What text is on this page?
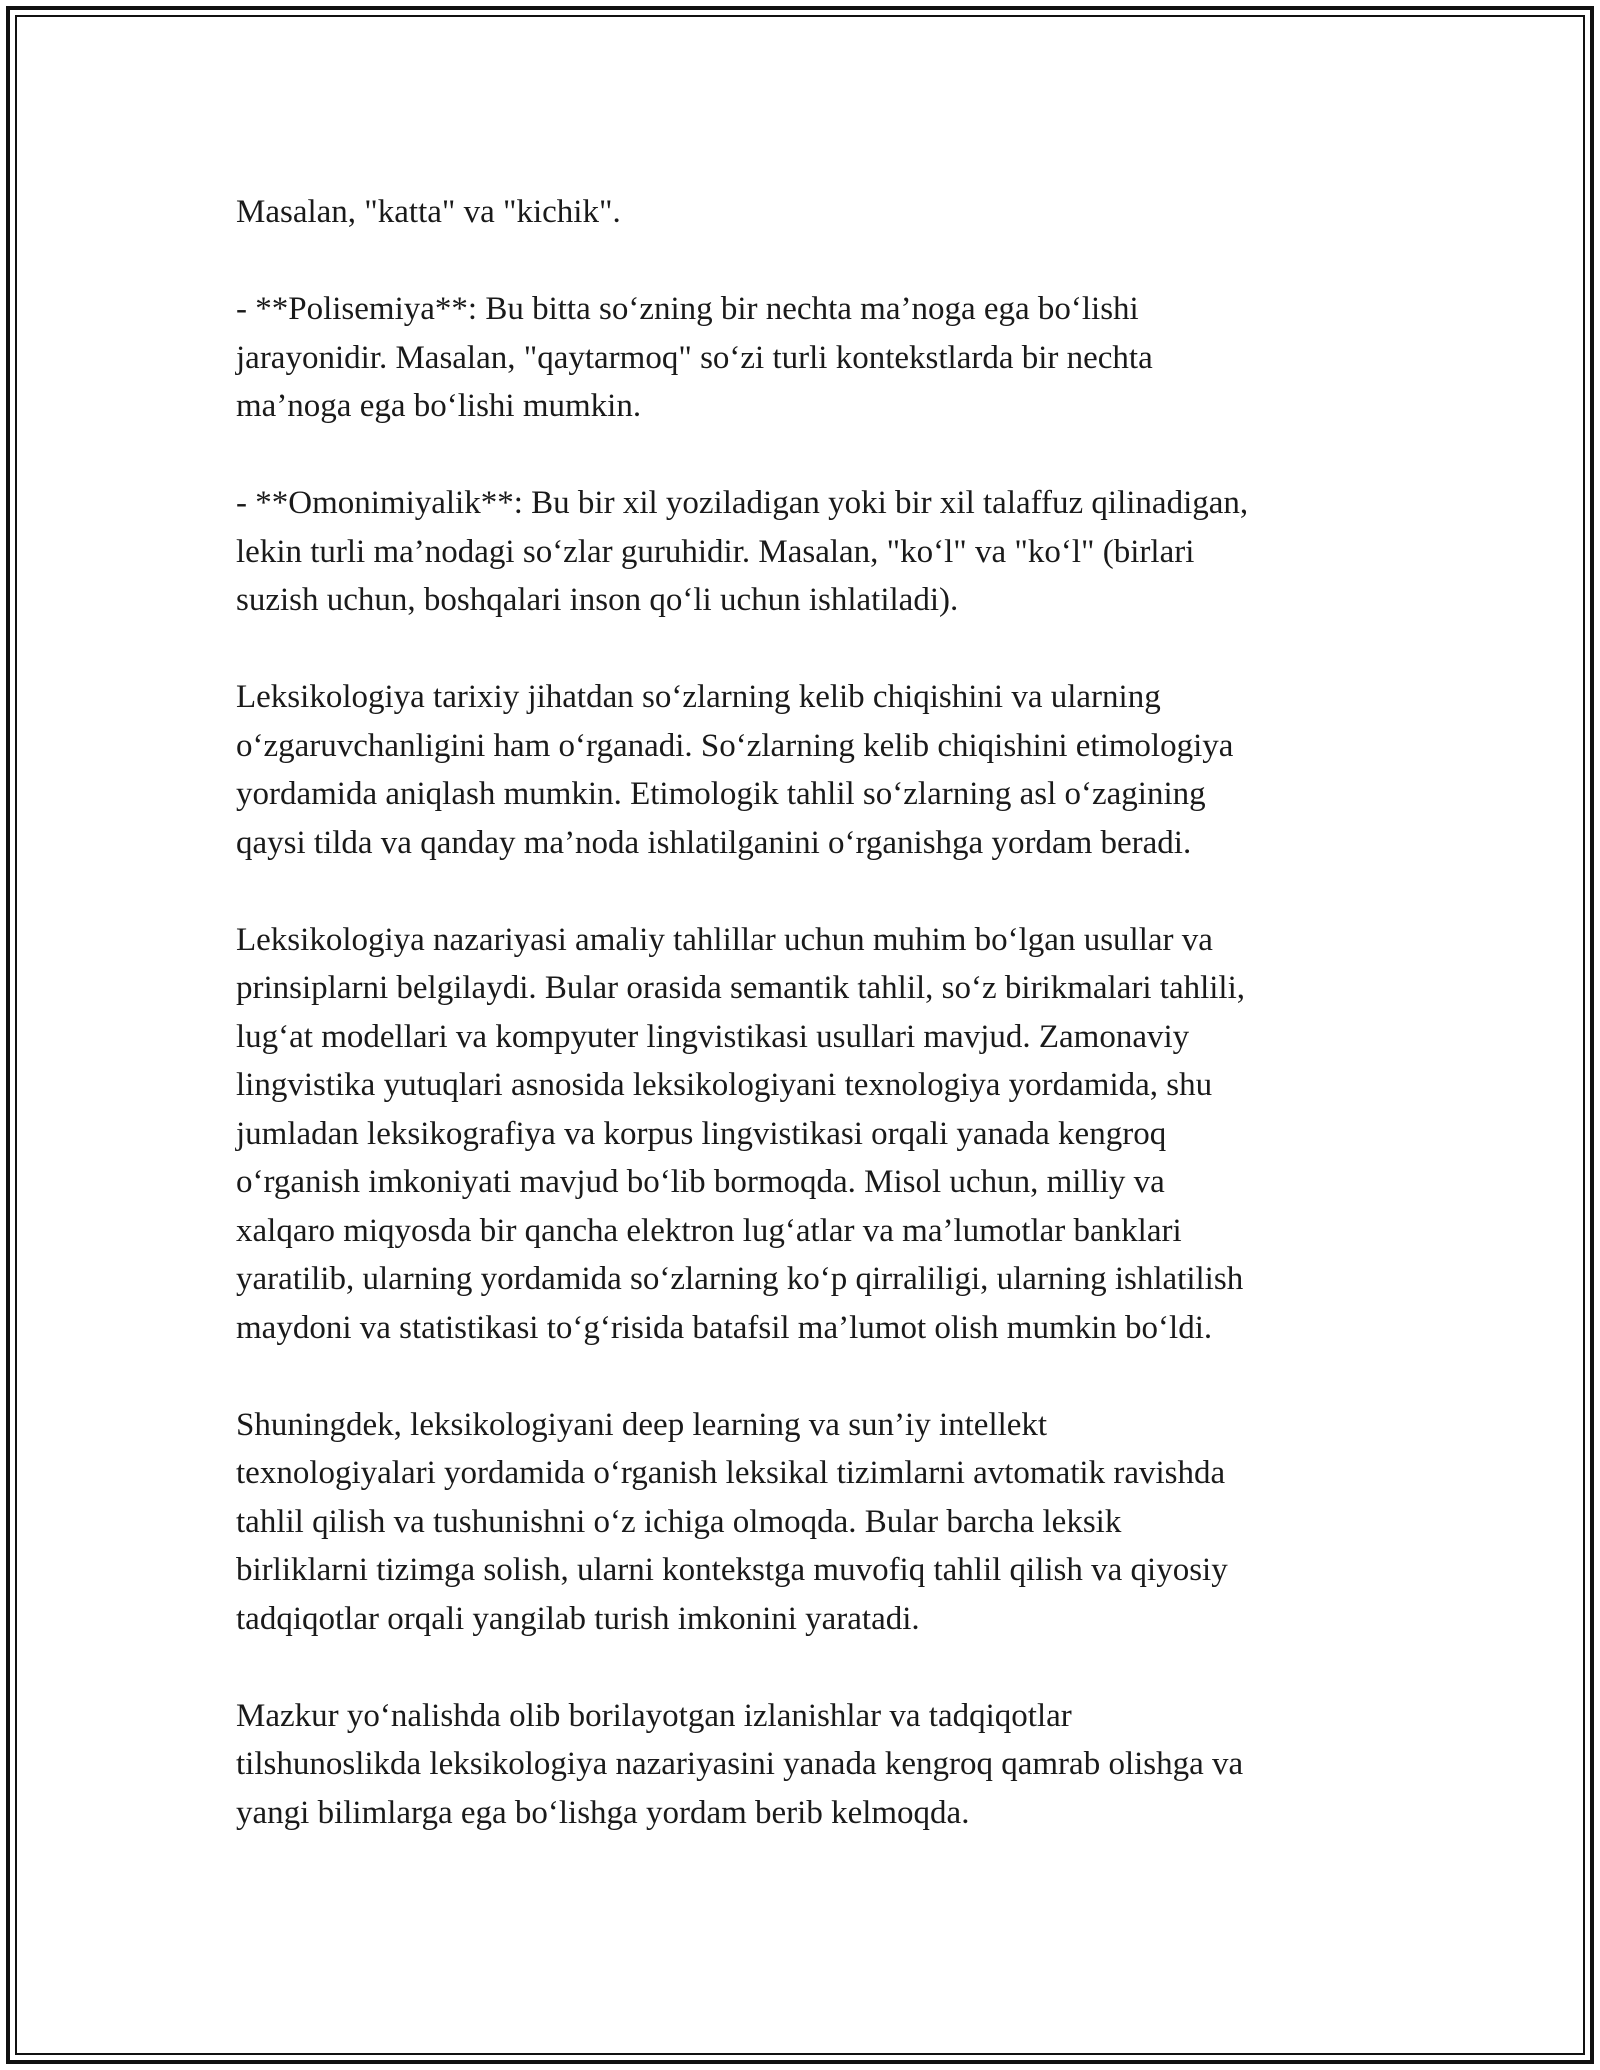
Masalan, "katta" va "kichik".

- **Polisemiya**: Bu bitta so‘zning bir nechta ma’noga ega bo‘lishi
jarayonidir. Masalan, "qaytarmoq" so‘zi turli kontekstlarda bir nechta
ma’noga ega bo‘lishi mumkin.

- **Omonimiyalik**: Bu bir xil yoziladigan yoki bir xil talaffuz qilinadigan,
lekin turli ma’nodagi so‘zlar guruhidir. Masalan, "ko‘l" va "ko‘l" (birlari
suzish uchun, boshqalari inson qo‘li uchun ishlatiladi).

Leksikologiya tarixiy jihatdan so‘zlarning kelib chiqishini va ularning
o‘zgaruvchanligini ham o‘rganadi. So‘zlarning kelib chiqishini etimologiya
yordamida aniqlash mumkin. Etimologik tahlil so‘zlarning asl o‘zagining
qaysi tilda va qanday ma’noda ishlatilganini o‘rganishga yordam beradi.

Leksikologiya nazariyasi amaliy tahlillar uchun muhim bo‘lgan usullar va
prinsiplarni belgilaydi. Bular orasida semantik tahlil, so‘z birikmalari tahlili,
lug‘at modellari va kompyuter lingvistikasi usullari mavjud. Zamonaviy
lingvistika yutuqlari asnosida leksikologiyani texnologiya yordamida, shu
jumladan leksikografiya va korpus lingvistikasi orqali yanada kengroq
o‘rganish imkoniyati mavjud bo‘lib bormoqda. Misol uchun, milliy va
xalqaro miqyosda bir qancha elektron lug‘atlar va ma’lumotlar banklari
yaratilib, ularning yordamida so‘zlarning ko‘p qirraliligi, ularning ishlatilish
maydoni va statistikasi to‘g‘risida batafsil ma’lumot olish mumkin bo‘ldi.

Shuningdek, leksikologiyani deep learning va sun’iy intellekt
texnologiyalari yordamida o‘rganish leksikal tizimlarni avtomatik ravishda
tahlil qilish va tushunishni o‘z ichiga olmoqda. Bular barcha leksik
birliklarni tizimga solish, ularni kontekstga muvofiq tahlil qilish va qiyosiy
tadqiqotlar orqali yangilab turish imkonini yaratadi.

Mazkur yo‘nalishda olib borilayotgan izlanishlar va tadqiqotlar
tilshunoslikda leksikologiya nazariyasini yanada kengroq qamrab olishga va
yangi bilimlarga ega bo‘lishga yordam berib kelmoqda.
